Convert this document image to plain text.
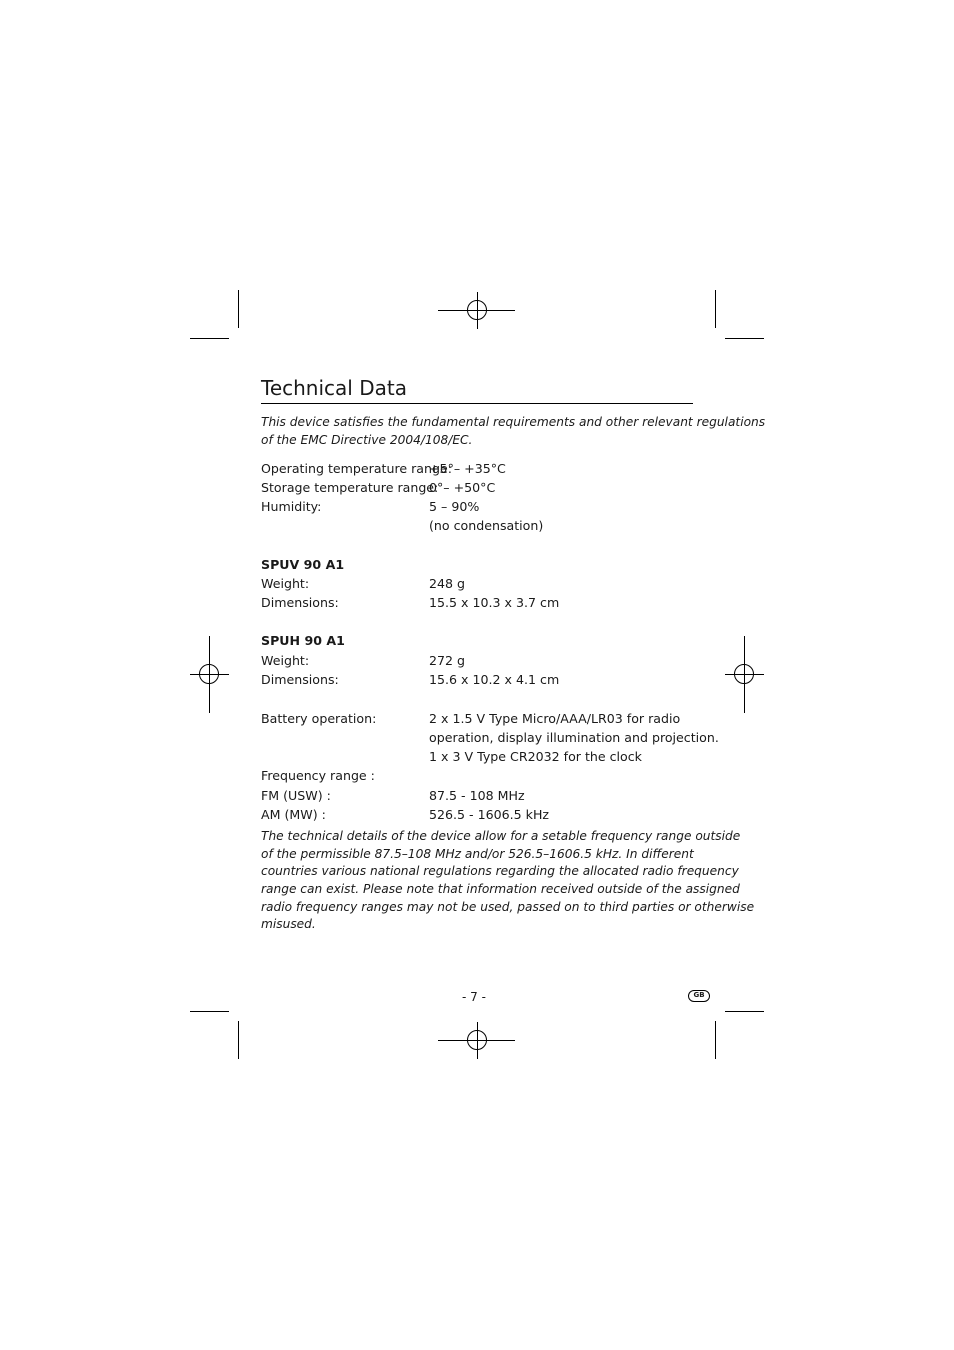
Technical Data
This device satisfies the fundamental requirements and other relevant regulations
of the EMC Directive 2004/108/EC.
Operating temperature range:
+5°– +35°C
Storage temperature range:
0°– +50°C
Humidity:	5 – 90%
(no condensation)
SPUV 90 A1
Weight:	248 g
Dimensions:	15.5 x 10.3 x 3.7 cm
SPUH 90 A1
Weight:	272 g
Dimensions:	15.6 x 10.2 x 4.1 cm
Battery operation:	2 x 1.5 V Type Micro/AAA/LR03 for radio
operation, display illumination and projection.
1 x 3 V Type CR2032 for the clock
Frequency range :
FM (USW) :	87.5 - 108 MHz
AM (MW) :	526.5 - 1606.5 kHz
The technical details of the device allow for a setable frequency range outside
of the permissible 87.5–108 MHz and/or 526.5–1606.5 kHz. In different
countries various national regulations regarding the allocated radio frequency
range can exist. Please note that information received outside of the assigned
radio frequency ranges may not be used, passed on to third parties or otherwise
misused.
- 7 -	GB
